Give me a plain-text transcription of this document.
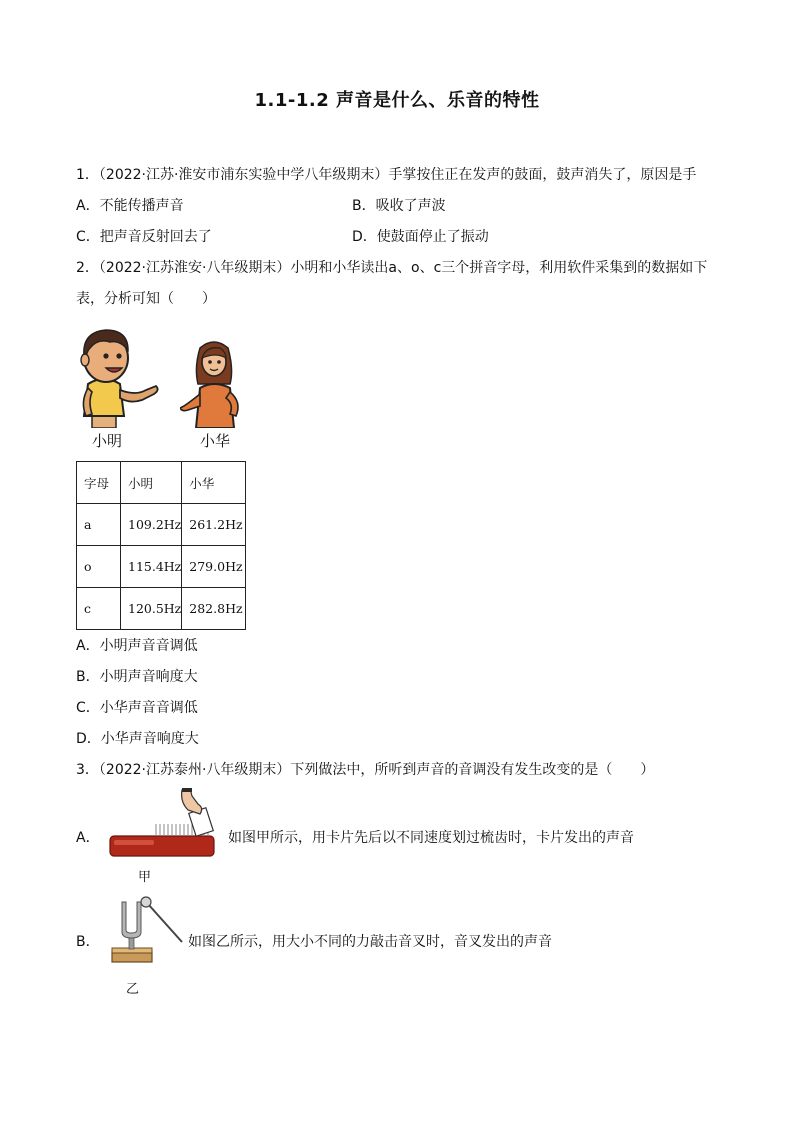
1.1-1.2 声音是什么、乐音的特性
1．（2022·江苏·淮安市浦东实验中学八年级期末）手掌按住正在发声的鼓面，鼓声消失了，原因是手
A．不能传播声音	B．吸收了声波
C．把声音反射回去了	D．使鼓面停止了振动
2．（2022·江苏淮安·八年级期末）小明和小华读出a、o、c三个拼音字母，利用软件采集到的数据如下
表，分析可知（　　）
小明	小华
字母	小明	小华
a	109.2Hz	261.2Hz
o	115.4Hz	279.0Hz
c	120.5Hz	282.8Hz
A．小明声音音调低
B．小明声音响度大
C．小华声音音调低
D．小华声音响度大
3．（2022·江苏泰州·八年级期末）下列做法中，所听到声音的音调没有发生改变的是（　　）
A．	如图甲所示，用卡片先后以不同速度划过梳齿时，卡片发出的声音
甲
B．	如图乙所示，用大小不同的力敲击音叉时，音叉发出的声音
乙
